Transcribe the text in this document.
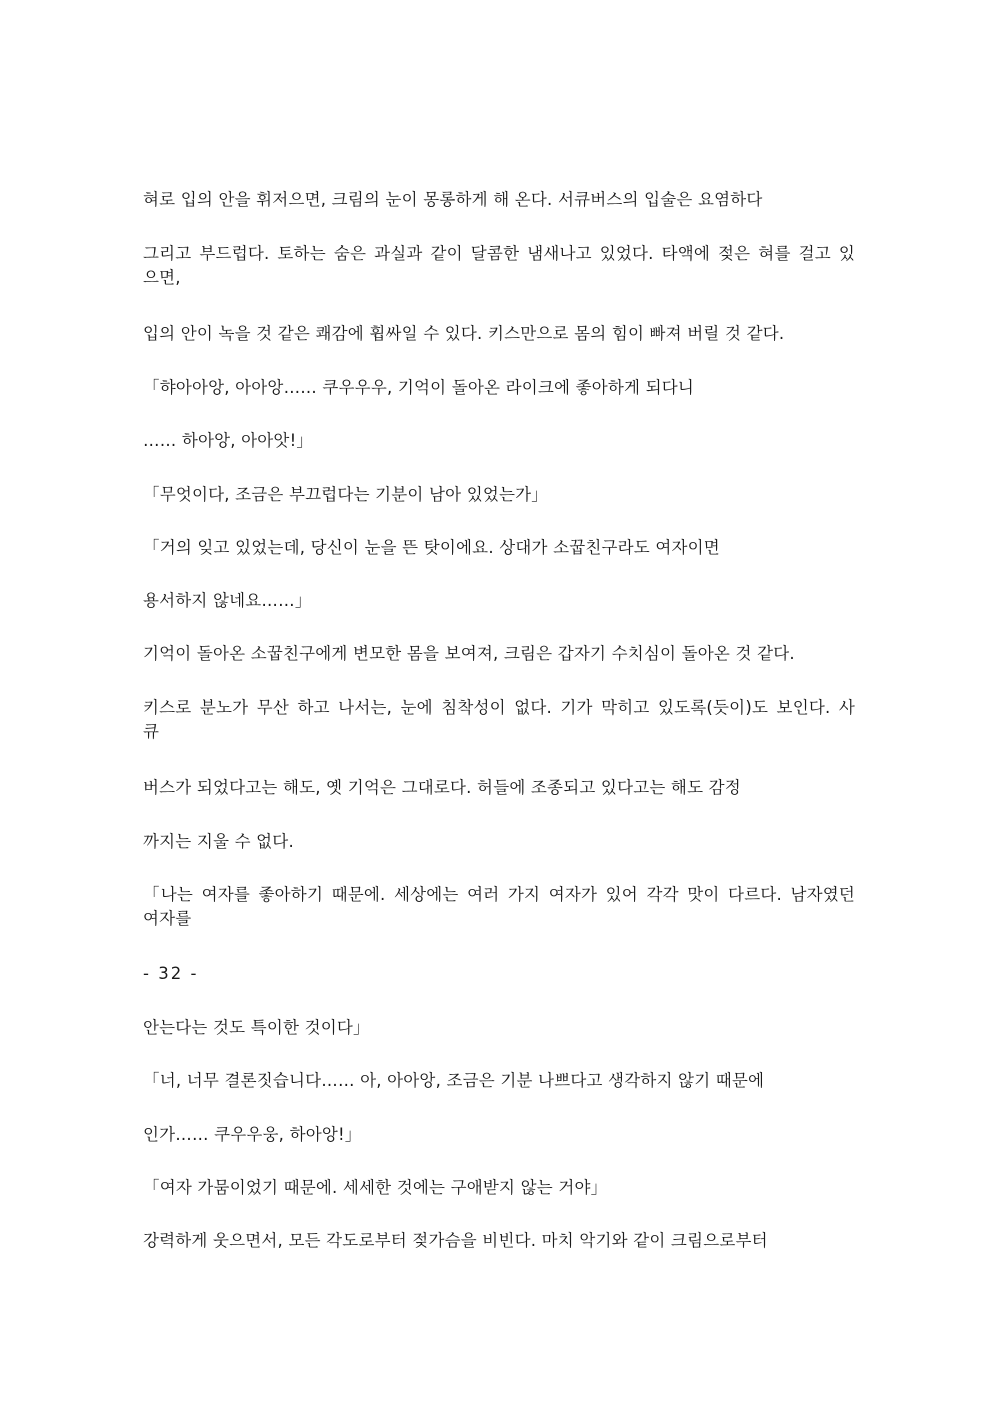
혀로 입의 안을 휘저으면, 크림의 눈이 몽롱하게 해 온다. 서큐버스의 입술은 요염하다
그리고 부드럽다. 토하는 숨은 과실과 같이 달콤한 냄새나고 있었다. 타액에 젖은 혀를 걸고 있으면,
입의 안이 녹을 것 같은 쾌감에 휩싸일 수 있다. 키스만으로 몸의 힘이 빠져 버릴 것 같다.
「햐아아앙, 아아앙…… 쿠우우우, 기억이 돌아온 라이크에 좋아하게 되다니
…… 하아앙, 아아앗!」
「무엇이다, 조금은 부끄럽다는 기분이 남아 있었는가」
「거의 잊고 있었는데, 당신이 눈을 뜬 탓이에요. 상대가 소꿉친구라도 여자이면
용서하지 않네요……」
기억이 돌아온 소꿉친구에게 변모한 몸을 보여져, 크림은 갑자기 수치심이 돌아온 것 같다.
키스로 분노가 무산 하고 나서는, 눈에 침착성이 없다. 기가 막히고 있도록(듯이)도 보인다. 사큐
버스가 되었다고는 해도, 옛 기억은 그대로다. 허들에 조종되고 있다고는 해도 감정
까지는 지울 수 없다.
「나는 여자를 좋아하기 때문에. 세상에는 여러 가지 여자가 있어 각각 맛이 다르다. 남자였던 여자를
- 32 -
안는다는 것도 특이한 것이다」
「너, 너무 결론짓습니다…… 아, 아아앙, 조금은 기분 나쁘다고 생각하지 않기 때문에
인가…… 쿠우우웅, 하아앙!」
「여자 가뭄이었기 때문에. 세세한 것에는 구애받지 않는 거야」
강력하게 웃으면서, 모든 각도로부터 젖가슴을 비빈다. 마치 악기와 같이 크림으로부터
